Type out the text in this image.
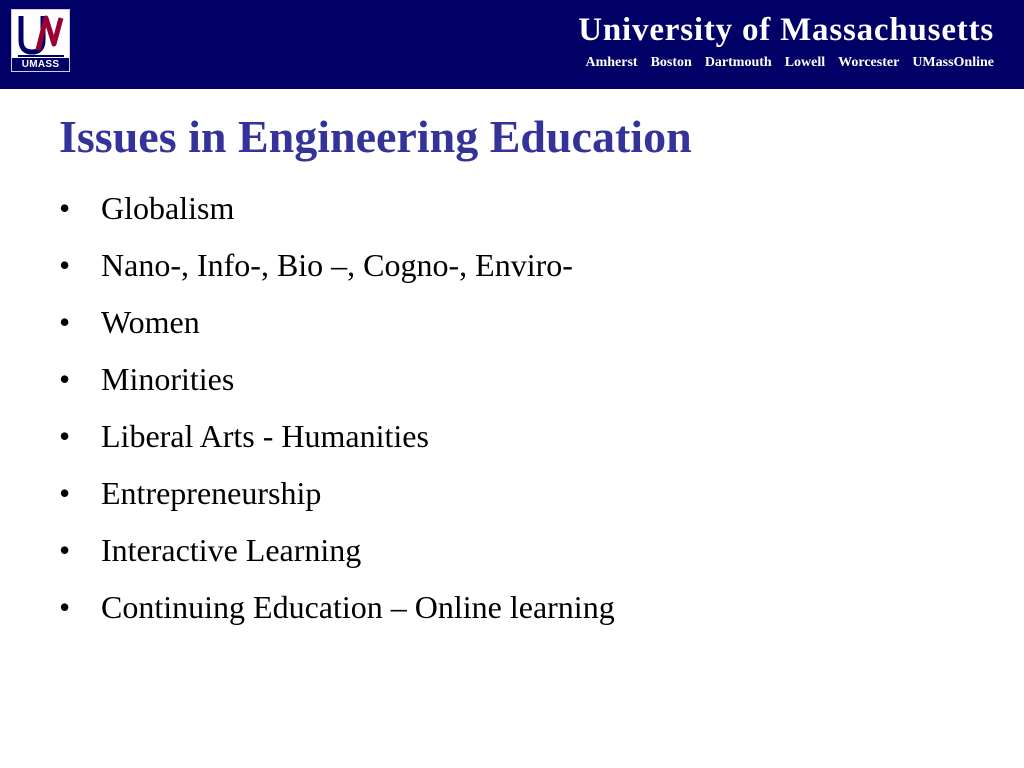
UMASS
University of Massachusetts
Amherst Boston Dartmouth Lowell Worcester UMassOnline
Issues in Engineering Education
• Globalism
• Nano-, Info-, Bio –, Cogno-, Enviro-
• Women
• Minorities
• Liberal Arts - Humanities
• Entrepreneurship
• Interactive Learning
• Continuing Education – Online learning
